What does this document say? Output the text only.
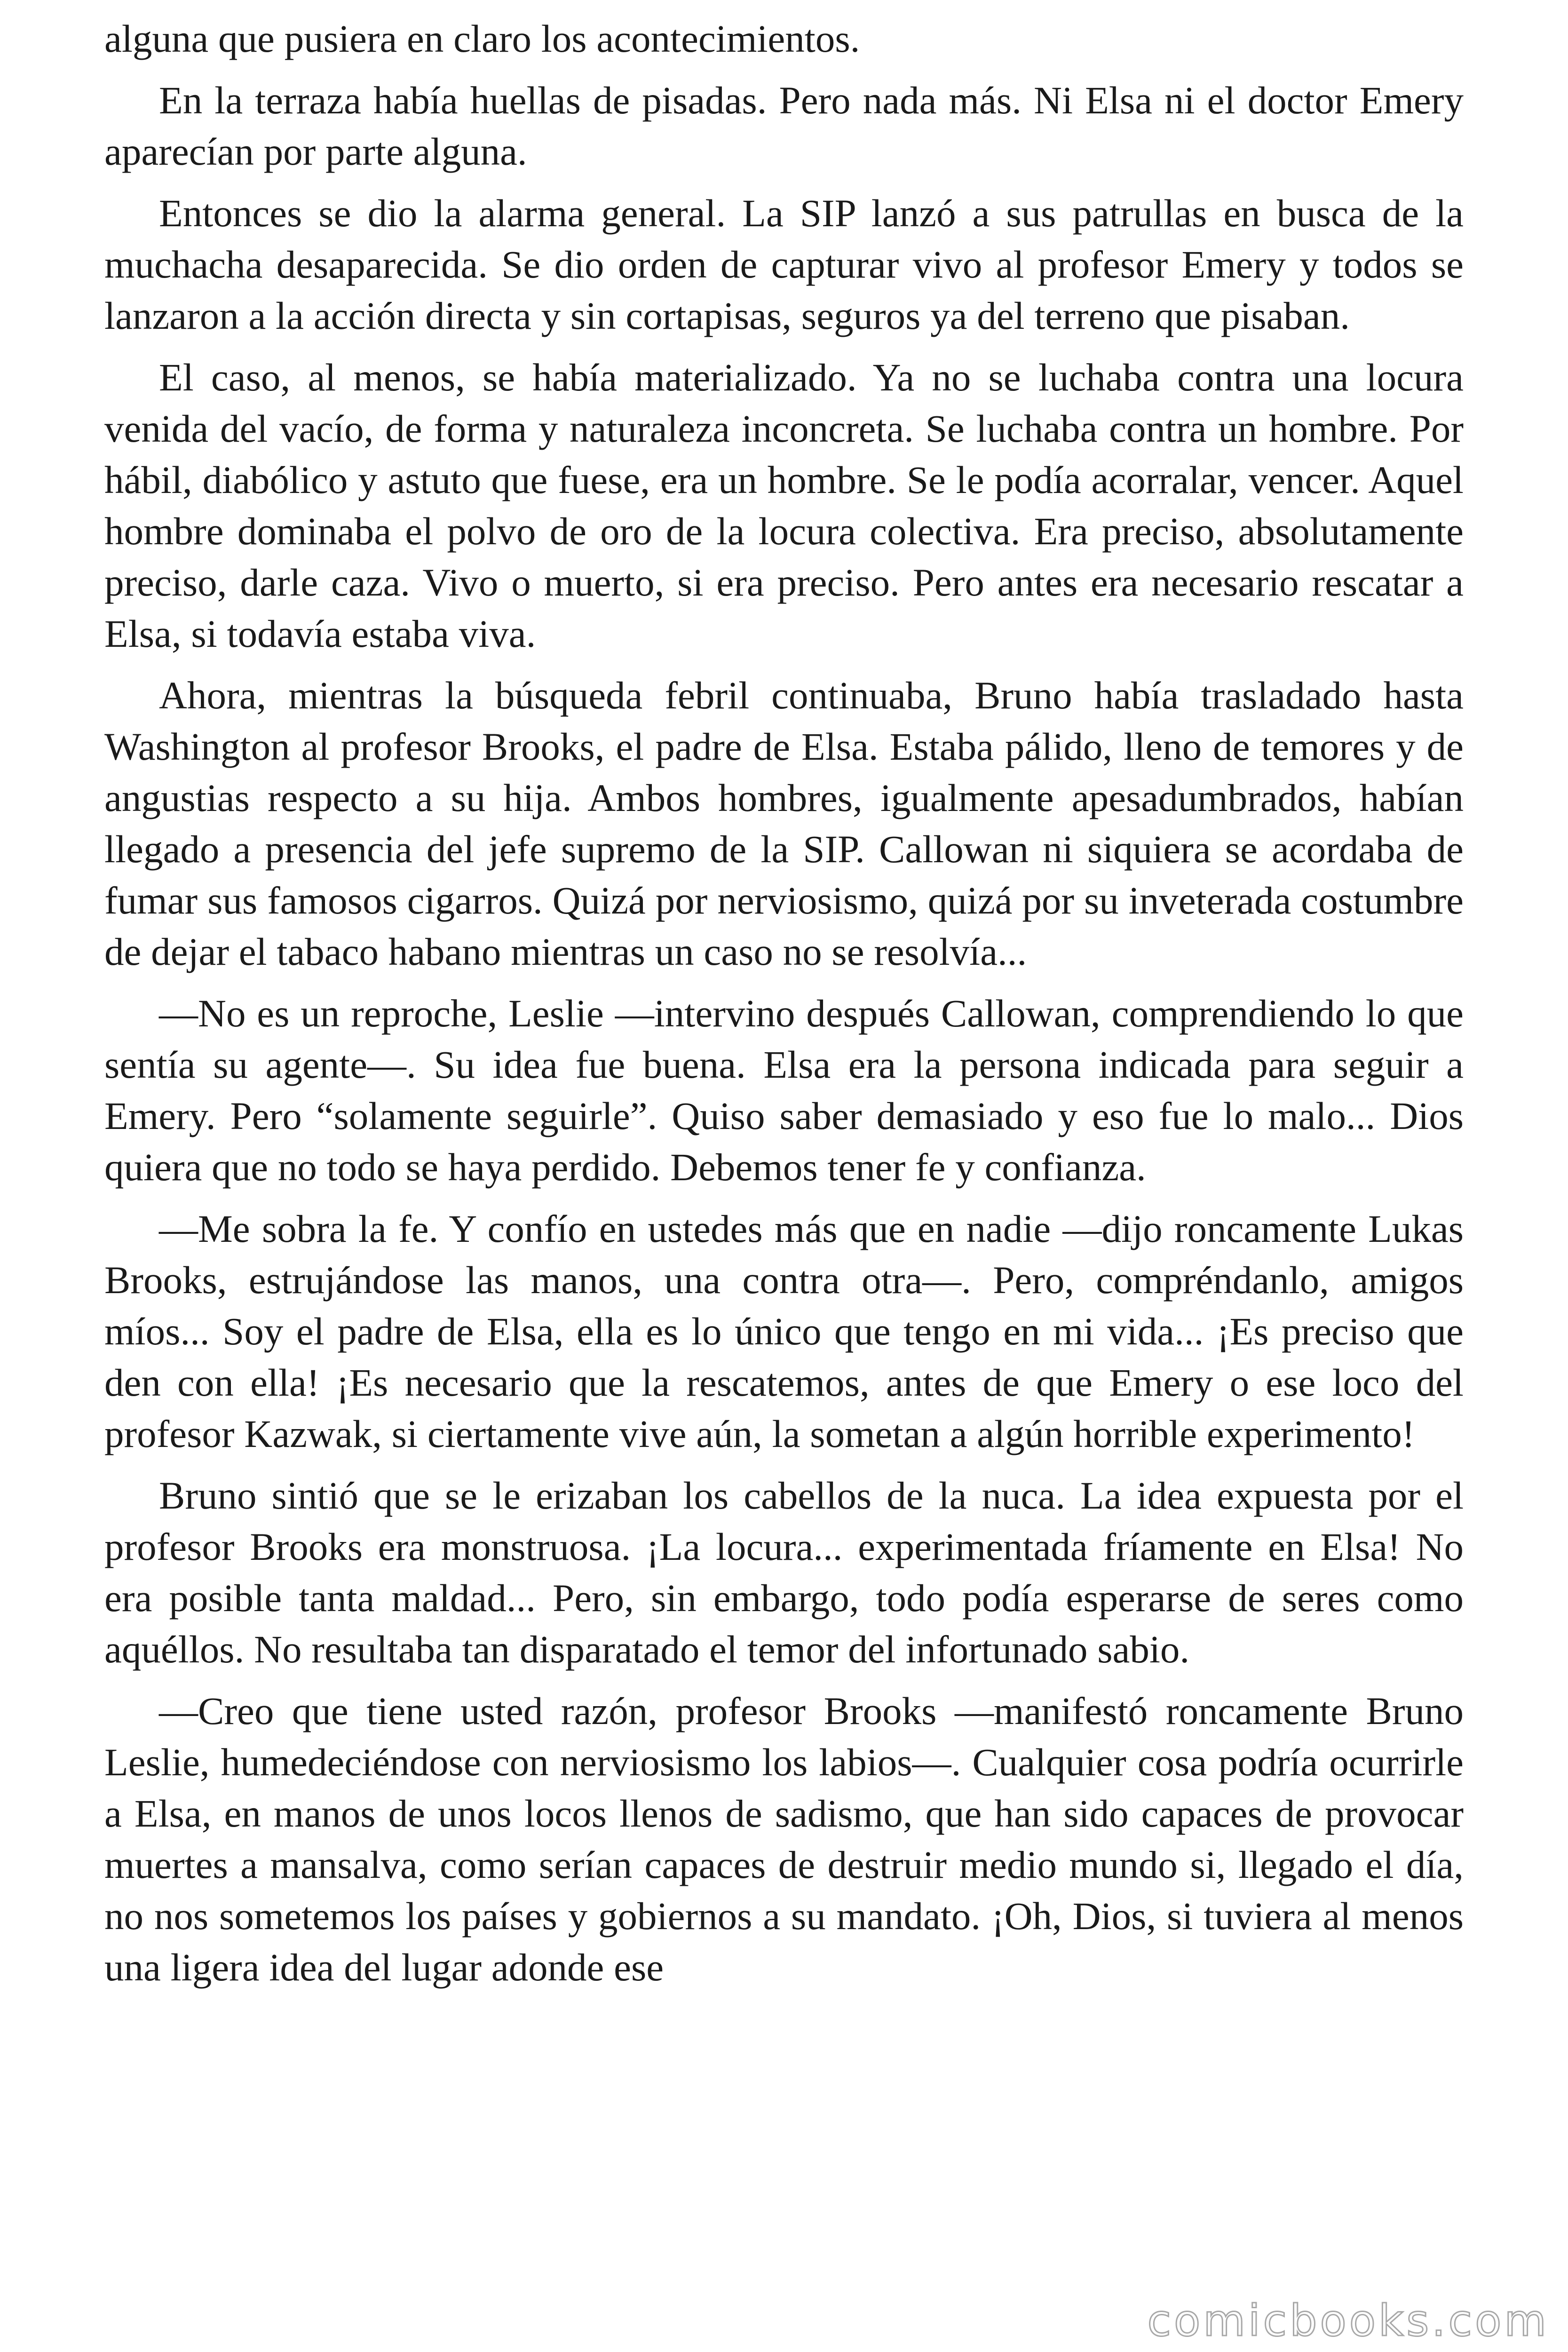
alguna que pusiera en claro los acontecimientos.

En la terraza había huellas de pisadas. Pero nada más. Ni Elsa ni el doctor Emery aparecían por parte alguna.

Entonces se dio la alarma general. La SIP lanzó a sus patrullas en busca de la muchacha desaparecida. Se dio orden de capturar vivo al profesor Emery y todos se lanzaron a la acción directa y sin cortapisas, seguros ya del terreno que pisaban.

El caso, al menos, se había materializado. Ya no se luchaba contra una locura venida del vacío, de forma y naturaleza inconcreta. Se luchaba contra un hombre. Por hábil, diabólico y astuto que fuese, era un hombre. Se le podía acorralar, vencer. Aquel hombre dominaba el polvo de oro de la locura colectiva. Era preciso, absolutamente preciso, darle caza. Vivo o muerto, si era preciso. Pero antes era necesario rescatar a Elsa, si todavía estaba viva.

Ahora, mientras la búsqueda febril continuaba, Bruno había trasladado hasta Washington al profesor Brooks, el padre de Elsa. Estaba pálido, lleno de temores y de angustias respecto a su hija. Ambos hombres, igualmente apesadumbrados, habían llegado a presencia del jefe supremo de la SIP. Callowan ni siquiera se acordaba de fumar sus famosos cigarros. Quizá por nerviosismo, quizá por su inveterada costumbre de dejar el tabaco habano mientras un caso no se resolvía...

—No es un reproche, Leslie —intervino después Callowan, comprendiendo lo que sentía su agente—. Su idea fue buena. Elsa era la persona indicada para seguir a Emery. Pero “solamente seguirle”. Quiso saber demasiado y eso fue lo malo... Dios quiera que no todo se haya perdido. Debemos tener fe y confianza.

—Me sobra la fe. Y confío en ustedes más que en nadie —dijo roncamente Lukas Brooks, estrujándose las manos, una contra otra—. Pero, compréndanlo, amigos míos... Soy el padre de Elsa, ella es lo único que tengo en mi vida... ¡Es preciso que den con ella! ¡Es necesario que la rescatemos, antes de que Emery o ese loco del profesor Kazwak, si ciertamente vive aún, la sometan a algún horrible experimento!

Bruno sintió que se le erizaban los cabellos de la nuca. La idea expuesta por el profesor Brooks era monstruosa. ¡La locura... experimentada fríamente en Elsa! No era posible tanta maldad... Pero, sin embargo, todo podía esperarse de seres como aquéllos. No resultaba tan disparatado el temor del infortunado sabio.

—Creo que tiene usted razón, profesor Brooks —manifestó roncamente Bruno Leslie, humedeciéndose con nerviosismo los labios—. Cualquier cosa podría ocurrirle a Elsa, en manos de unos locos llenos de sadismo, que han sido capaces de provocar muertes a mansalva, como serían capaces de destruir medio mundo si, llegado el día, no nos sometemos los países y gobiernos a su mandato. ¡Oh, Dios, si tuviera al menos una ligera idea del lugar adonde ese

comicbooks.com
